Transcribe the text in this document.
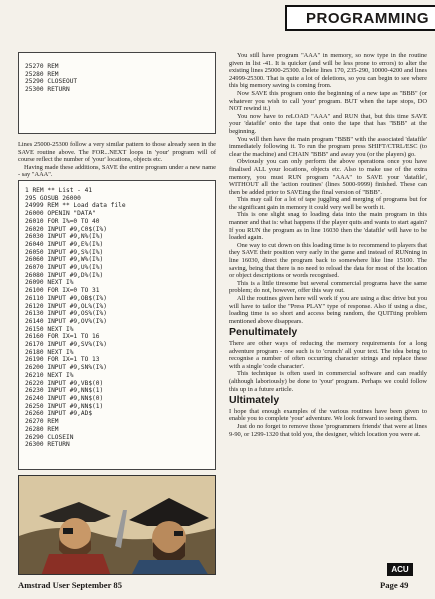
PROGRAMMING
25270 REM
25280 REM
25290 CLOSEOUT
25300 RETURN

Lines 25000-25300 follow a very similar pattern to those already seen in the SAVE routine above. The FOR...NEXT loops in 'your' program will of course reflect the number of 'your' locations, objects etc.

Having made these additions, SAVE the entire program under a new name - say "AAA".

1 REM ** List - 41
295 GOSUB 26000
24999 REM ** Load data file
26000 OPENIN "DATA"
26010 FOR I%=0 TO 40
26020 INPUT #9,C0$(I%)
26030 INPUT #9,N%(I%)
26040 INPUT #9,E%(I%)
26050 INPUT #9,S%(I%)
26060 INPUT #9,W%(I%)
26070 INPUT #9,U%(I%)
26080 INPUT #9,D%(I%)
26090 NEXT I%
26100 FOR IX=0 TO 31
26110 INPUT #9,OB$(I%)
26120 INPUT #9,OL%(I%)
26130 INPUT #9,OS%(I%)
26140 INPUT #9,OV%(I%)
26150 NEXT I%
26160 FOR IX=1 TO 16
26170 INPUT #9,SV%(I%)
26180 NEXT I%
26190 FOR IX=1 TO 13
26200 INPUT #9,SN%(I%)
26210 NEXT I%
26220 INPUT #9,VB$(0)
26230 INPUT #9,NN$(1)
26240 INPUT #9,NN$(0)
26250 INPUT #9,NN$(1)
26260 INPUT #9,AD$
26270 REM
26280 REM
26290 CLOSEIN
26300 RETURN

You still have program "AAA" in memory, so now type in the routine given in list -41. It is quicker (and will be less prone to errors) to alter the existing lines 25000-25300. Delete lines 170, 235-290, 10000-4200 and lines 24999-25300. That is quite a lot of deletions, so you can begin to see where this big memory saving is coming from.

Now SAVE this program onto the beginning of a new tape as "BBB" (or whatever you wish to call 'your' program. BUT when the tape stops, DO NOT rewind it.)

You now have to reLOAD "AAA" and RUN that, but this time SAVE your 'datafile' onto the tape that onto the tape that has "BBB" at the beginning.

You will then have the main program "BBB" with the associated 'datafile' immediately following it. To run the program press SHIFT/CTRL/ESC (to clear the machine) and CHAIN "BBB" and away you (or the players) go.

Obviously you can only perform the above operations once you have finalised ALL your locations, objects etc. Also to make use of the extra memory, you must RUN program "AAA" to SAVE your 'datafile', WITHOUT all the 'action routines' (lines 5000-9999) finished. These can then be added prior to SAVEing the final version of "BBB".

This may call for a lot of tape juggling and merging of programs but for the significant gain in memory it could very well be worth it.

This is one slight snag to loading data into the main program in this manner and that is: what happens if the player quits and wants to start again? If you RUN the program as in line 16030 then the 'datafile' will have to be loaded again.

One way to cut down on this loading time is to recommend to players that they SAVE their position very early in the game and instead of RUNning in line 16030, direct the program back to somewhere like line 15100. The saving, being that there is no need to reload the data for most of the location or object descriptions or words recognised.

This is a little tiresome but several commercial programs have the same problem; do not, however, offer this way out.

All the routines given here will work if you are using a disc drive but you will have to tailor the "Press PLAY" type of response. Also if using a disc, loading time is so short and access being random, the QUITting problem mentioned above disappears.

Penultimately

There are other ways of reducing the memory requirements for a long adventure program - one such is to 'crunch' all your text. The idea being to recognise a number of often occurring character strings and replace these with a single 'code character'.

This technique is often used in commercial software and can readily (although laboriously) be done to 'your' program. Perhaps we could follow this up in a future article.

Ultimately

I hope that enough examples of the various routines have been given to enable you to complete 'your' adventure. We look forward to seeing them.

Just do no forget to remove those 'programmers friends' that were at lines 9-90, or 1299-1320 that told you, the designer, which location you were at.

ACU
Amstrad User September 85	Page 49
